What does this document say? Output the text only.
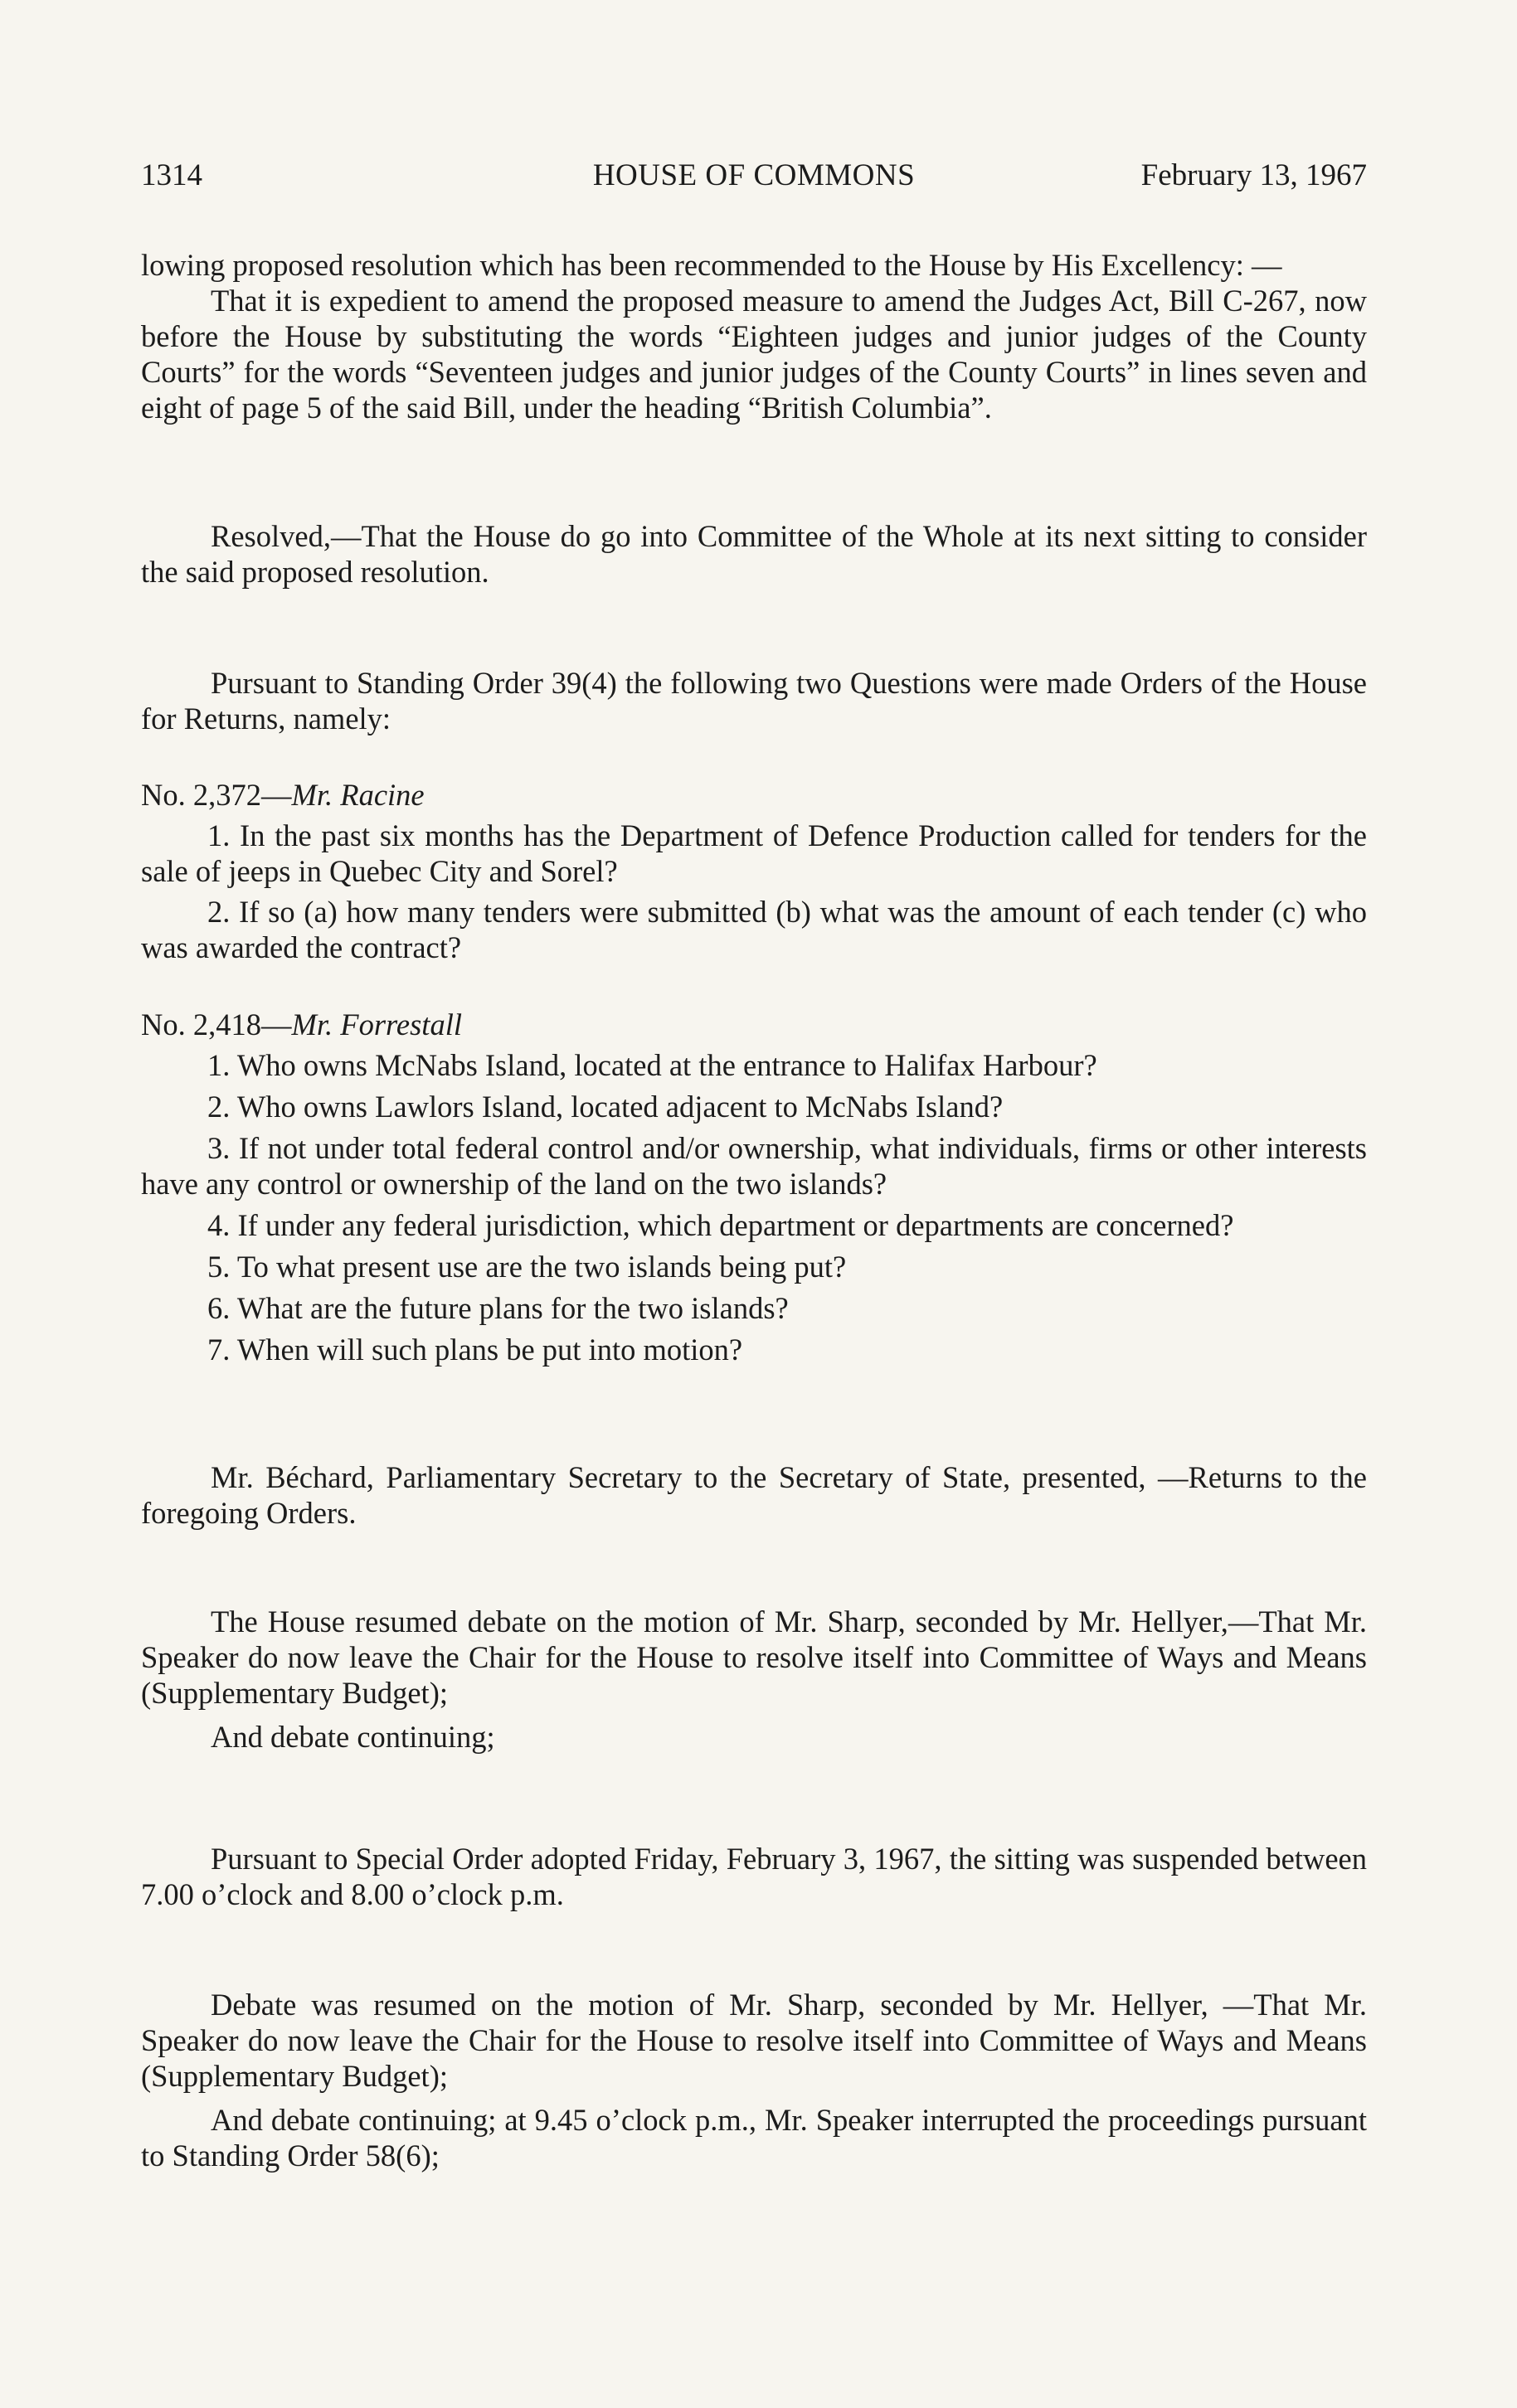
1314	HOUSE OF COMMONS	February 13, 1967

lowing proposed resolution which has been recommended to the House by His Excellency: —

That it is expedient to amend the proposed measure to amend the Judges Act, Bill C-267, now before the House by substituting the words “Eighteen judges and junior judges of the County Courts” for the words “Seventeen judges and junior judges of the County Courts” in lines seven and eight of page 5 of the said Bill, under the heading “British Columbia”.

Resolved,—That the House do go into Committee of the Whole at its next sitting to consider the said proposed resolution.

Pursuant to Standing Order 39(4) the following two Questions were made Orders of the House for Returns, namely:

No. 2,372—Mr. Racine

1. In the past six months has the Department of Defence Production called for tenders for the sale of jeeps in Quebec City and Sorel?

2. If so (a) how many tenders were submitted (b) what was the amount of each tender (c) who was awarded the contract?

No. 2,418—Mr. Forrestall

1. Who owns McNabs Island, located at the entrance to Halifax Harbour?

2. Who owns Lawlors Island, located adjacent to McNabs Island?

3. If not under total federal control and/or ownership, what individuals, firms or other interests have any control or ownership of the land on the two islands?

4. If under any federal jurisdiction, which department or departments are concerned?

5. To what present use are the two islands being put?

6. What are the future plans for the two islands?

7. When will such plans be put into motion?

Mr. Béchard, Parliamentary Secretary to the Secretary of State, presented, —Returns to the foregoing Orders.

The House resumed debate on the motion of Mr. Sharp, seconded by Mr. Hellyer,—That Mr. Speaker do now leave the Chair for the House to resolve itself into Committee of Ways and Means (Supplementary Budget);

And debate continuing;

Pursuant to Special Order adopted Friday, February 3, 1967, the sitting was suspended between 7.00 o’clock and 8.00 o’clock p.m.

Debate was resumed on the motion of Mr. Sharp, seconded by Mr. Hellyer, —That Mr. Speaker do now leave the Chair for the House to resolve itself into Committee of Ways and Means (Supplementary Budget);

And debate continuing; at 9.45 o’clock p.m., Mr. Speaker interrupted the proceedings pursuant to Standing Order 58(6);
